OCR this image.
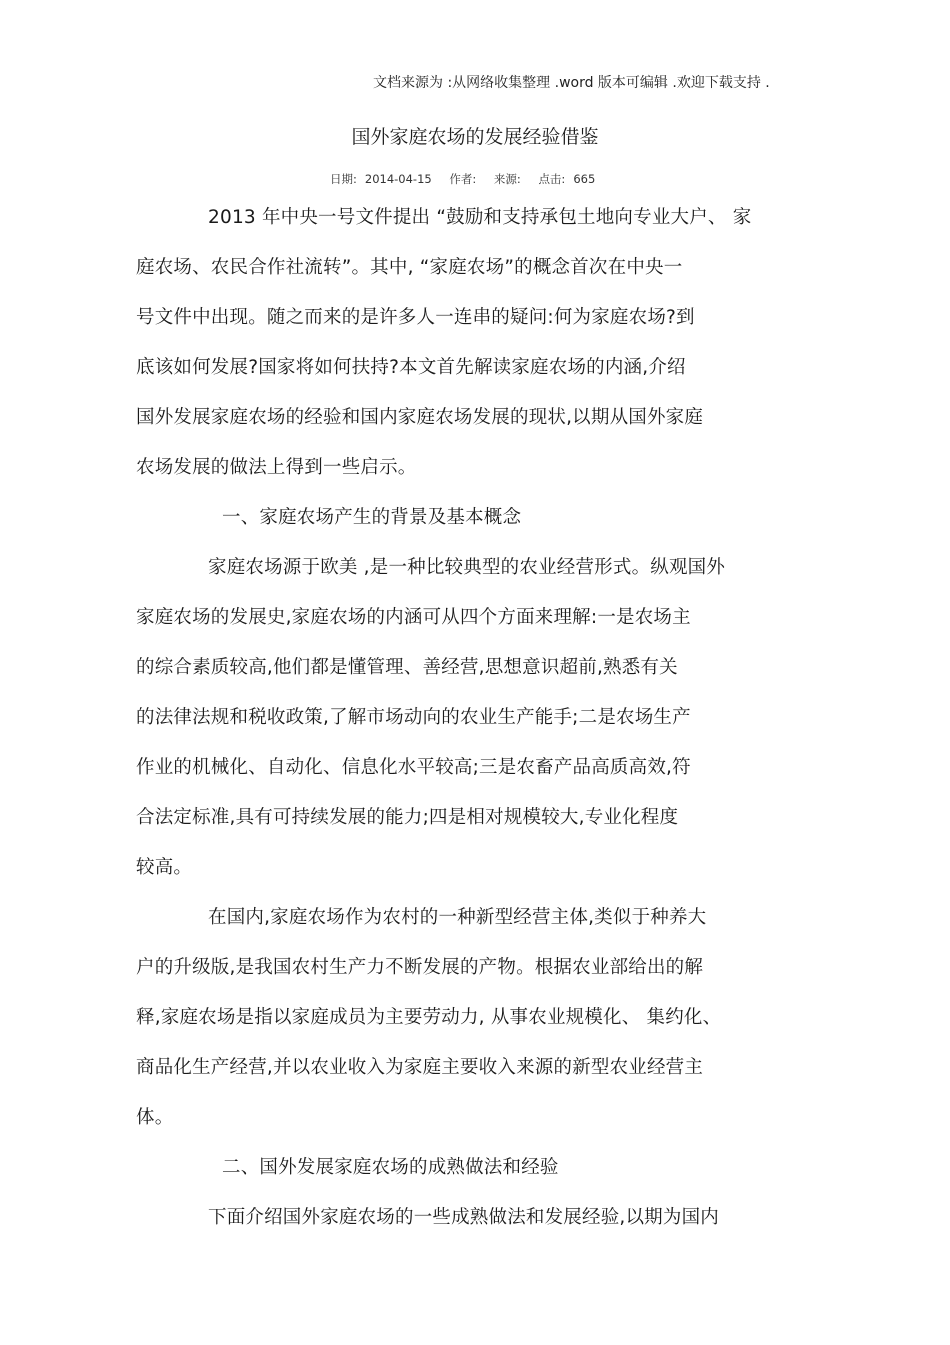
文档来源为 :从网络收集整理 .word 版本可编辑 .欢迎下载支持 .
国外家庭农场的发展经验借鉴
日期: 2014-04-15 作者: 来源: 点击: 665
2013 年中央一号文件提出 “鼓励和支持承包土地向专业大户、 家
庭农场、农民合作社流转”。其中, “家庭农场”的概念首次在中央一
号文件中出现。随之而来的是许多人一连串的疑问:何为家庭农场?到
底该如何发展?国家将如何扶持?本文首先解读家庭农场的内涵,介绍
国外发展家庭农场的经验和国内家庭农场发展的现状,以期从国外家庭
农场发展的做法上得到一些启示。
一、家庭农场产生的背景及基本概念
家庭农场源于欧美 ,是一种比较典型的农业经营形式。纵观国外
家庭农场的发展史,家庭农场的内涵可从四个方面来理解:一是农场主
的综合素质较高,他们都是懂管理、善经营,思想意识超前,熟悉有关
的法律法规和税收政策,了解市场动向的农业生产能手;二是农场生产
作业的机械化、自动化、信息化水平较高;三是农畜产品高质高效,符
合法定标准,具有可持续发展的能力;四是相对规模较大,专业化程度
较高。
在国内,家庭农场作为农村的一种新型经营主体,类似于种养大
户的升级版,是我国农村生产力不断发展的产物。根据农业部给出的解
释,家庭农场是指以家庭成员为主要劳动力, 从事农业规模化、 集约化、
商品化生产经营,并以农业收入为家庭主要收入来源的新型农业经营主
体。
二、国外发展家庭农场的成熟做法和经验
下面介绍国外家庭农场的一些成熟做法和发展经验,以期为国内
